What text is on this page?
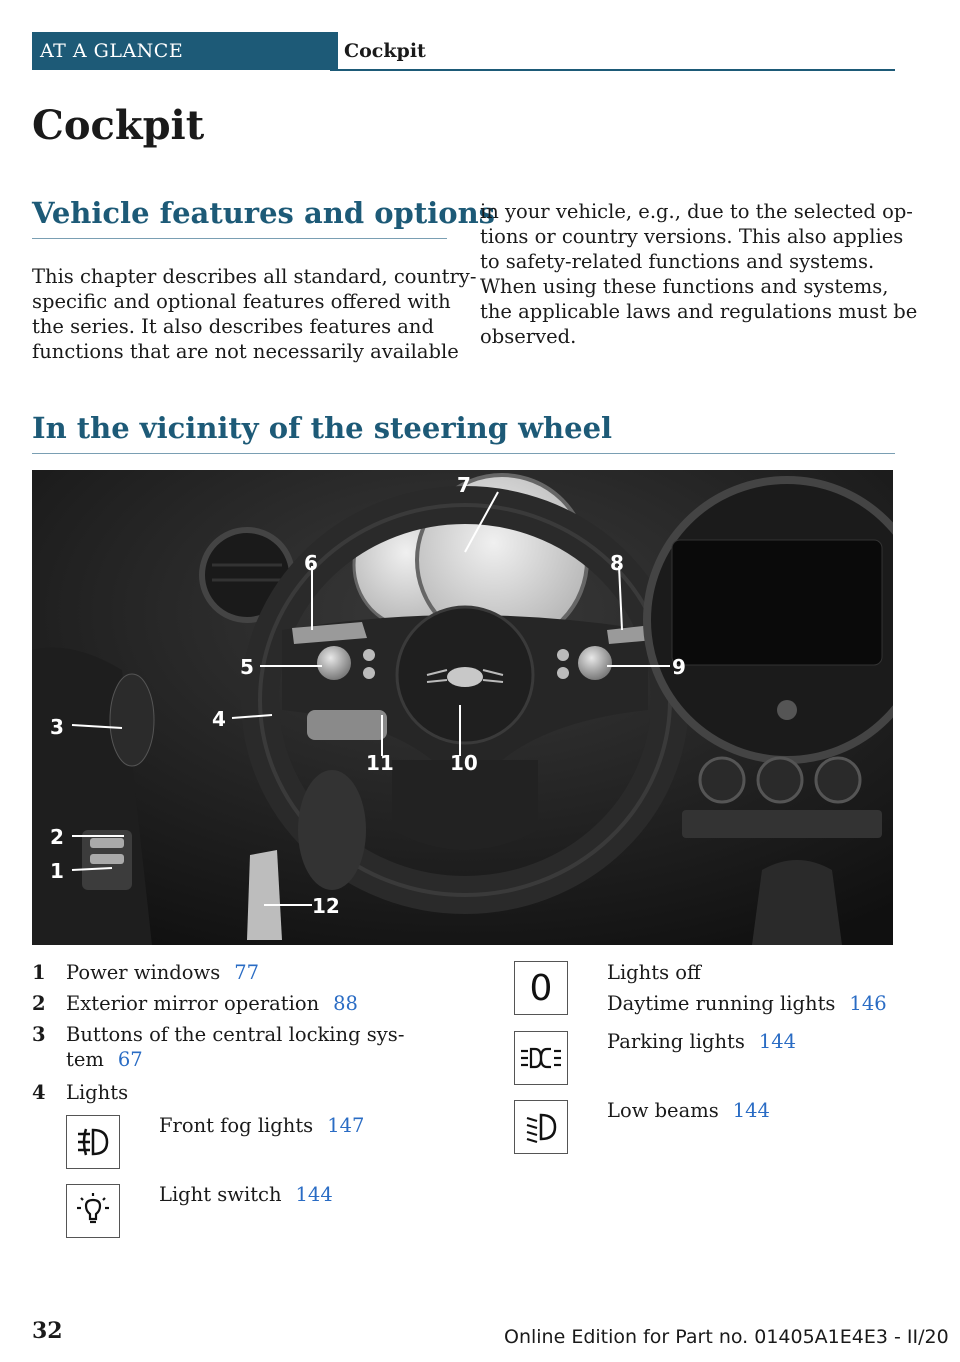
AT A GLANCE	Cockpit
Cockpit
Vehicle features and options

This chapter describes all standard, country-
specific and optional features offered with
the series. It also describes features and
functions that are not necessarily available

in your vehicle, e.g., due to the selected op-
tions or country versions. This also applies
to safety-related functions and systems.
When using these functions and systems,
the applicable laws and regulations must be
observed.

In the vicinity of the steering wheel
7
6	8
5	9
3	4
11	10
2
1
12
1 Power windows 77
2 Exterior mirror operation 88
3 Buttons of the central locking sys-
tem 67
4 Lights
Front fog lights 147
Light switch 144
0	Lights off
Daytime running lights 146
Parking lights 144
Low beams 144
32	Online Edition for Part no. 01405A1E4E3 - II/20
